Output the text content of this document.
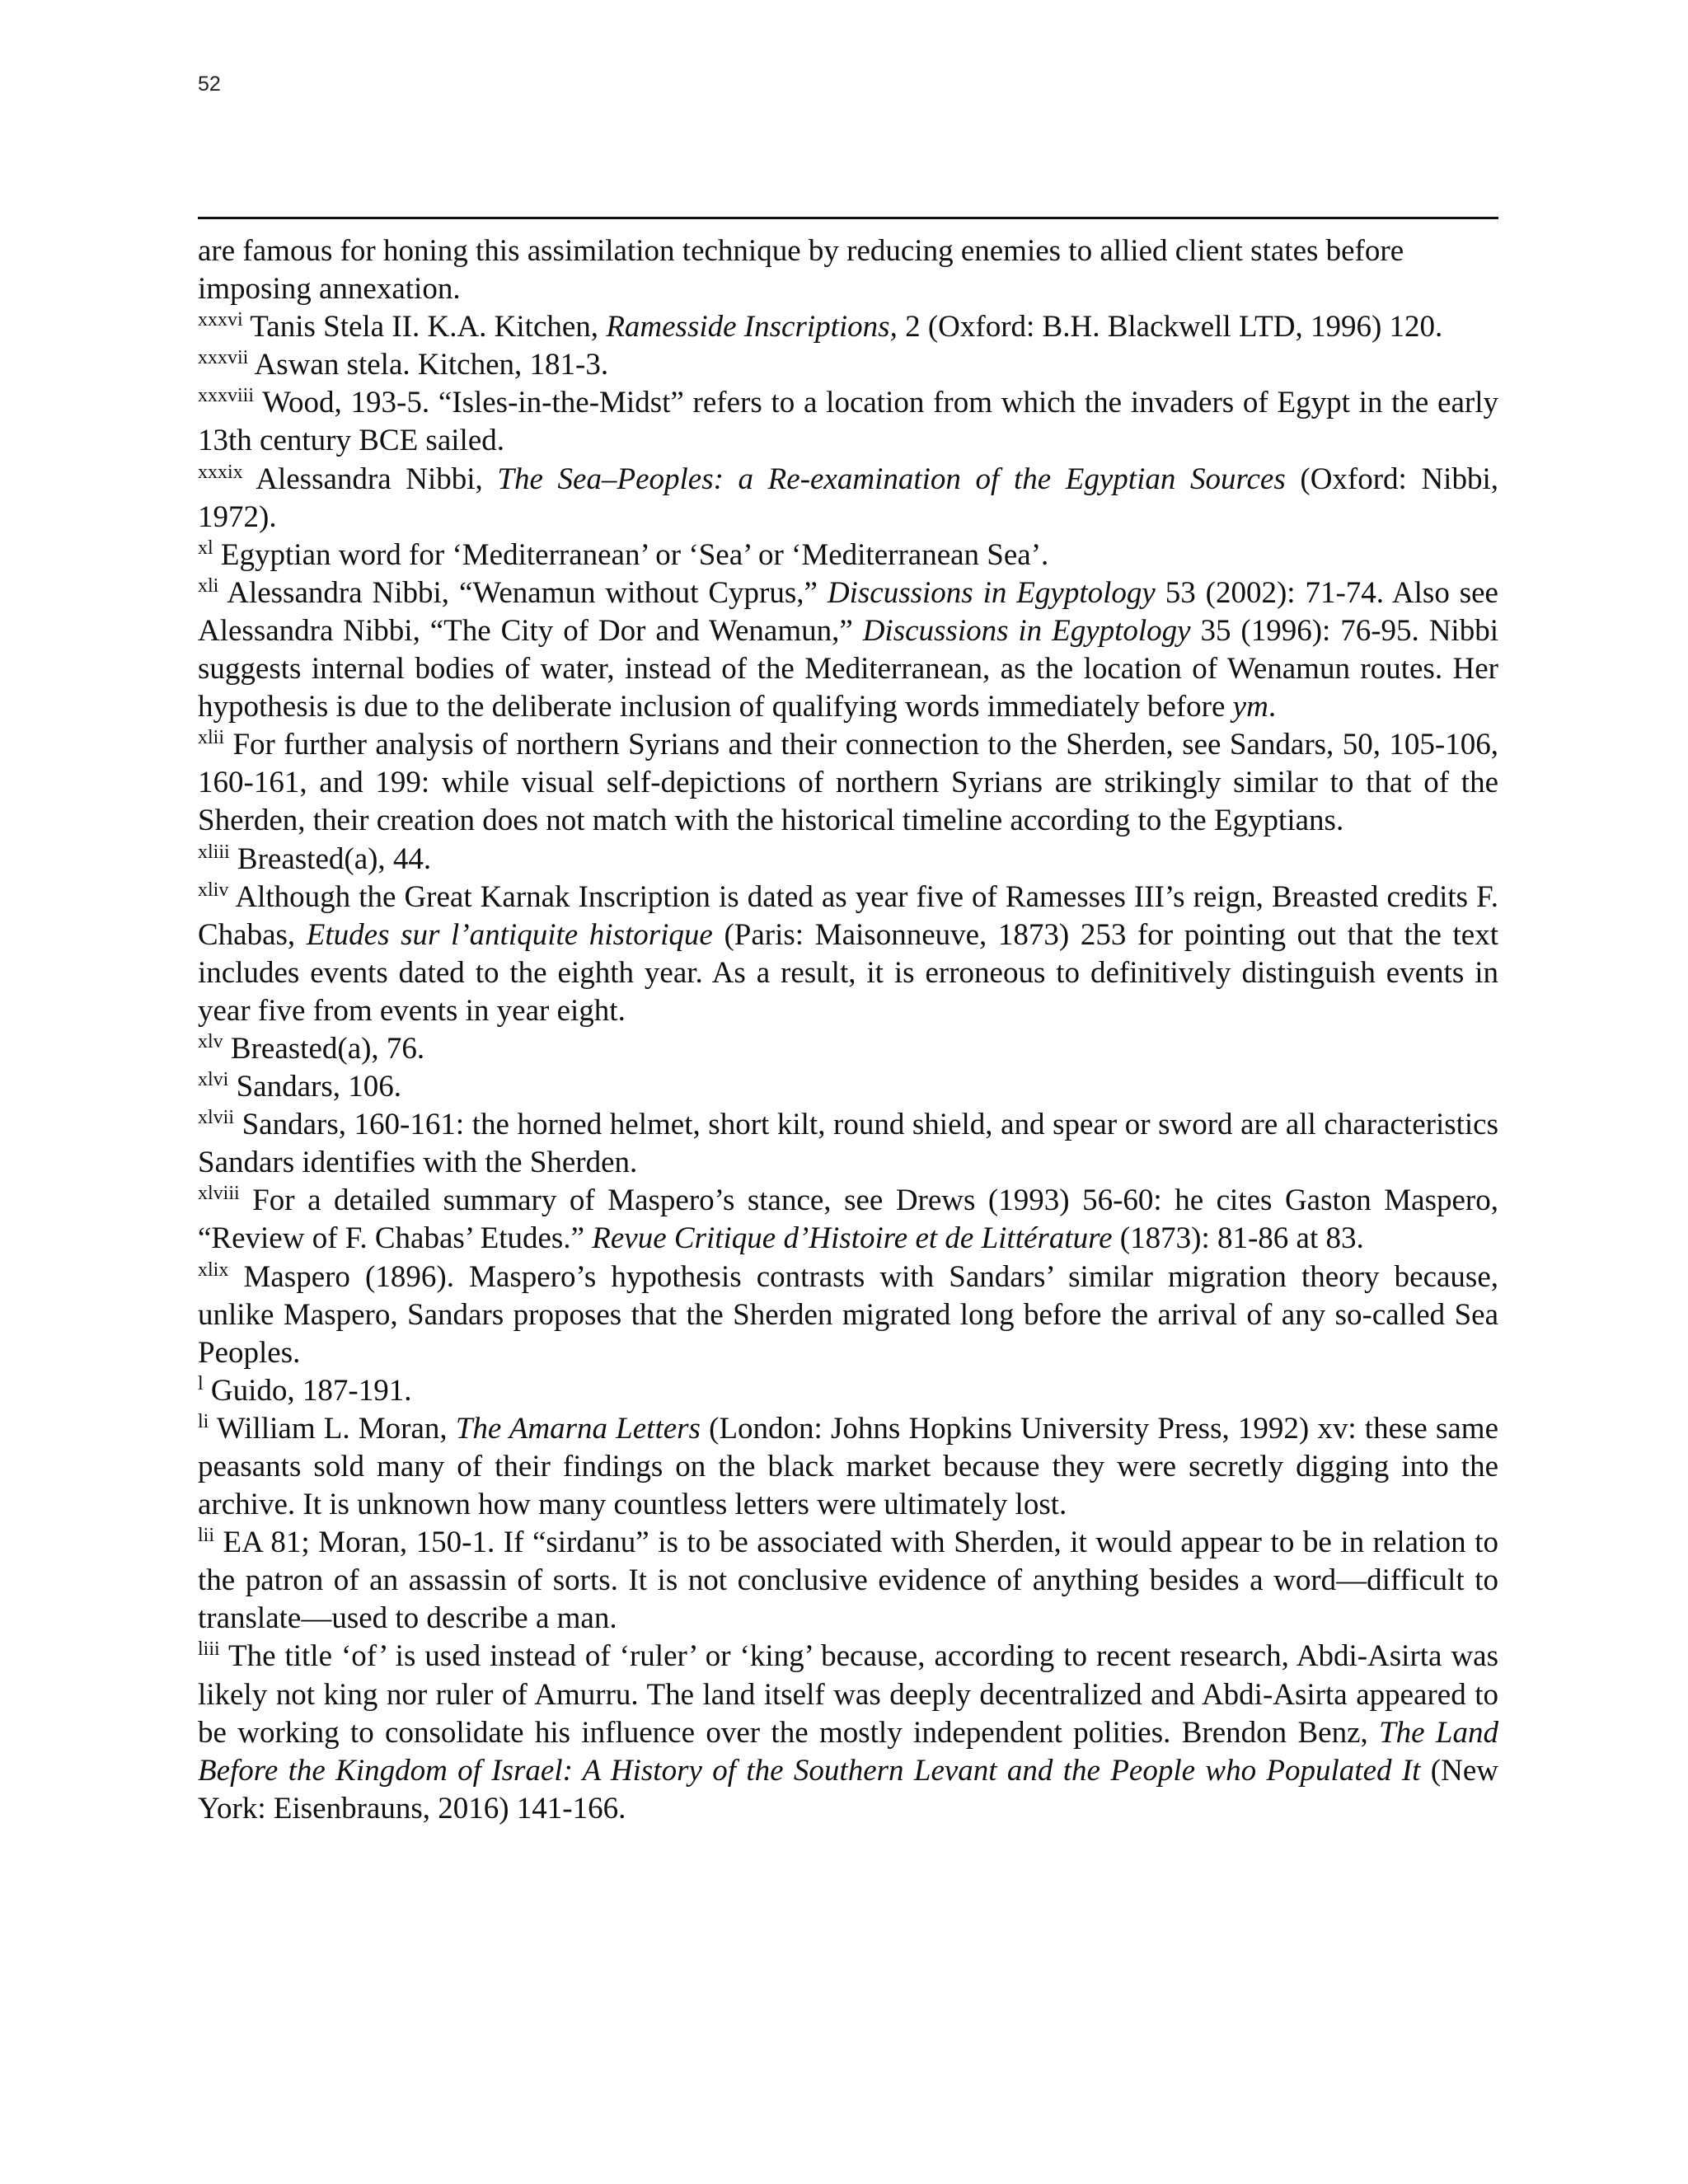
52

are famous for honing this assimilation technique by reducing enemies to allied client states before imposing annexation.

$^{xxxvi}$ Tanis Stela II. K.A. Kitchen, Ramesside Inscriptions, 2 (Oxford: B.H. Blackwell LTD, 1996) 120.

$^{xxxvii}$ Aswan stela. Kitchen, 181-3.

$^{xxxviii}$ Wood, 193-5. “Isles-in-the-Midst” refers to a location from which the invaders of Egypt in the early 13th century BCE sailed.

$^{xxxix}$ Alessandra Nibbi, The Sea–Peoples: a Re-examination of the Egyptian Sources (Oxford: Nibbi, 1972).

$^{xl}$ Egyptian word for ‘Mediterranean’ or ‘Sea’ or ‘Mediterranean Sea’.

$^{xli}$ Alessandra Nibbi, “Wenamun without Cyprus,” Discussions in Egyptology 53 (2002): 71-74. Also see Alessandra Nibbi, “The City of Dor and Wenamun,” Discussions in Egyptology 35 (1996): 76-95. Nibbi suggests internal bodies of water, instead of the Mediterranean, as the location of Wenamun routes. Her hypothesis is due to the deliberate inclusion of qualifying words immediately before ym.

$^{xlii}$ For further analysis of northern Syrians and their connection to the Sherden, see Sandars, 50, 105-106, 160-161, and 199: while visual self-depictions of northern Syrians are strikingly similar to that of the Sherden, their creation does not match with the historical timeline according to the Egyptians.

$^{xliii}$ Breasted(a), 44.

$^{xliv}$ Although the Great Karnak Inscription is dated as year five of Ramesses III’s reign, Breasted credits F. Chabas, Etudes sur l’antiquite historique (Paris: Maisonneuve, 1873) 253 for pointing out that the text includes events dated to the eighth year. As a result, it is erroneous to definitively distinguish events in year five from events in year eight.

$^{xlv}$ Breasted(a), 76.

$^{xlvi}$ Sandars, 106.

$^{xlvii}$ Sandars, 160-161: the horned helmet, short kilt, round shield, and spear or sword are all characteristics Sandars identifies with the Sherden.

$^{xlviii}$ For a detailed summary of Maspero’s stance, see Drews (1993) 56-60: he cites Gaston Maspero, “Review of F. Chabas’ Etudes.” Revue Critique d’Histoire et de Littérature (1873): 81-86 at 83.

$^{xlix}$ Maspero (1896). Maspero’s hypothesis contrasts with Sandars’ similar migration theory because, unlike Maspero, Sandars proposes that the Sherden migrated long before the arrival of any so-called Sea Peoples.

$^l$ Guido, 187-191.

$^{li}$ William L. Moran, The Amarna Letters (London: Johns Hopkins University Press, 1992) xv: these same peasants sold many of their findings on the black market because they were secretly digging into the archive. It is unknown how many countless letters were ultimately lost.

$^{lii}$ EA 81; Moran, 150-1. If “sirdanu” is to be associated with Sherden, it would appear to be in relation to the patron of an assassin of sorts. It is not conclusive evidence of anything besides a word—difficult to translate—used to describe a man.

$^{liii}$ The title ‘of’ is used instead of ‘ruler’ or ‘king’ because, according to recent research, Abdi-Asirta was likely not king nor ruler of Amurru. The land itself was deeply decentralized and Abdi-Asirta appeared to be working to consolidate his influence over the mostly independent polities. Brendon Benz, The Land Before the Kingdom of Israel: A History of the Southern Levant and the People who Populated It (New York: Eisenbrauns, 2016) 141-166.
